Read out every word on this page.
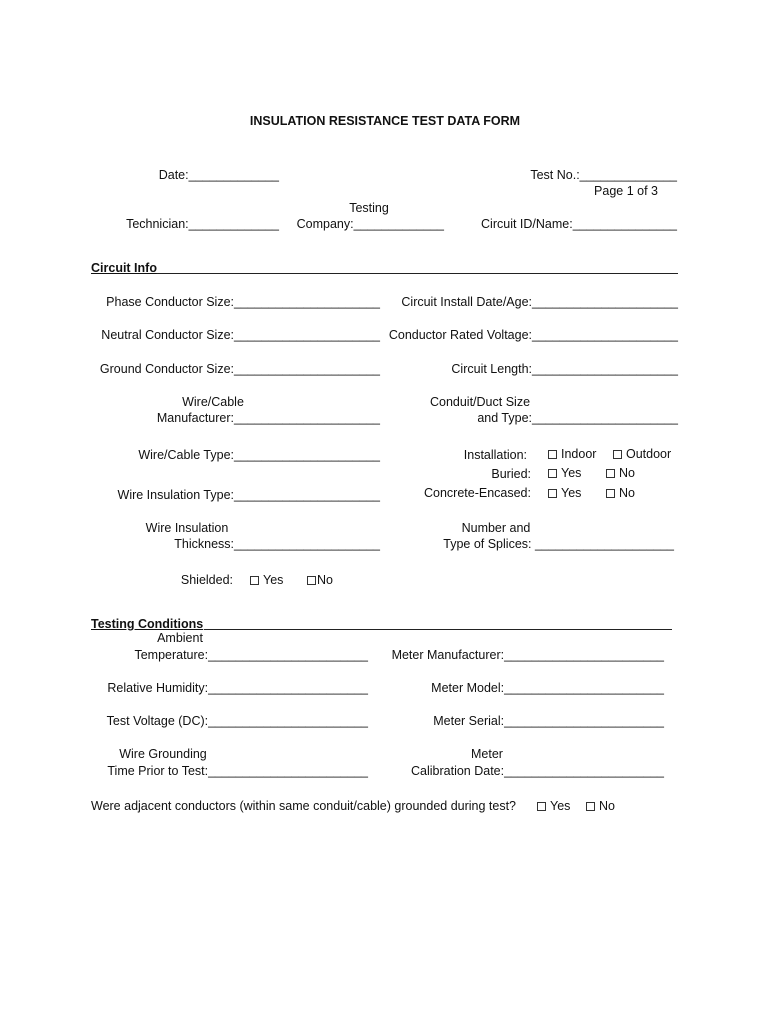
INSULATION RESISTANCE TEST DATA FORM
Date:_____________	Test No.:______________
Page 1 of 3
Technician:_____________
Testing
Company:_____________	Circuit ID/Name:_______________
Circuit Info
Phase Conductor Size:_____________________ Circuit Install Date/Age:_____________________
Neutral Conductor Size:_____________________ Conductor Rated Voltage:_____________________
Ground Conductor Size:_____________________	Circuit Length:_____________________
Wire/Cable
Manufacturer:_____________________
Conduit/Duct Size
and Type:_____________________
Wire/Cable Type:_____________________	Installation:	Indoor	Outdoor
Buried:	Yes	No
Concrete-Encased:	Yes	No
Wire Insulation Type:_____________________
Wire Insulation
Thickness:_____________________
Number and
Type of Splices: ____________________
Shielded:	Yes	No
Testing Conditions
Ambient
Temperature:_______________________ Meter Manufacturer:_______________________
Relative Humidity:_______________________	Meter Model:_______________________
Test Voltage (DC):_______________________	Meter Serial:_______________________
Wire Grounding
Time Prior to Test:_______________________
Meter
Calibration Date:_______________________
Were adjacent conductors (within same conduit/cable) grounded during test?	Yes	No
